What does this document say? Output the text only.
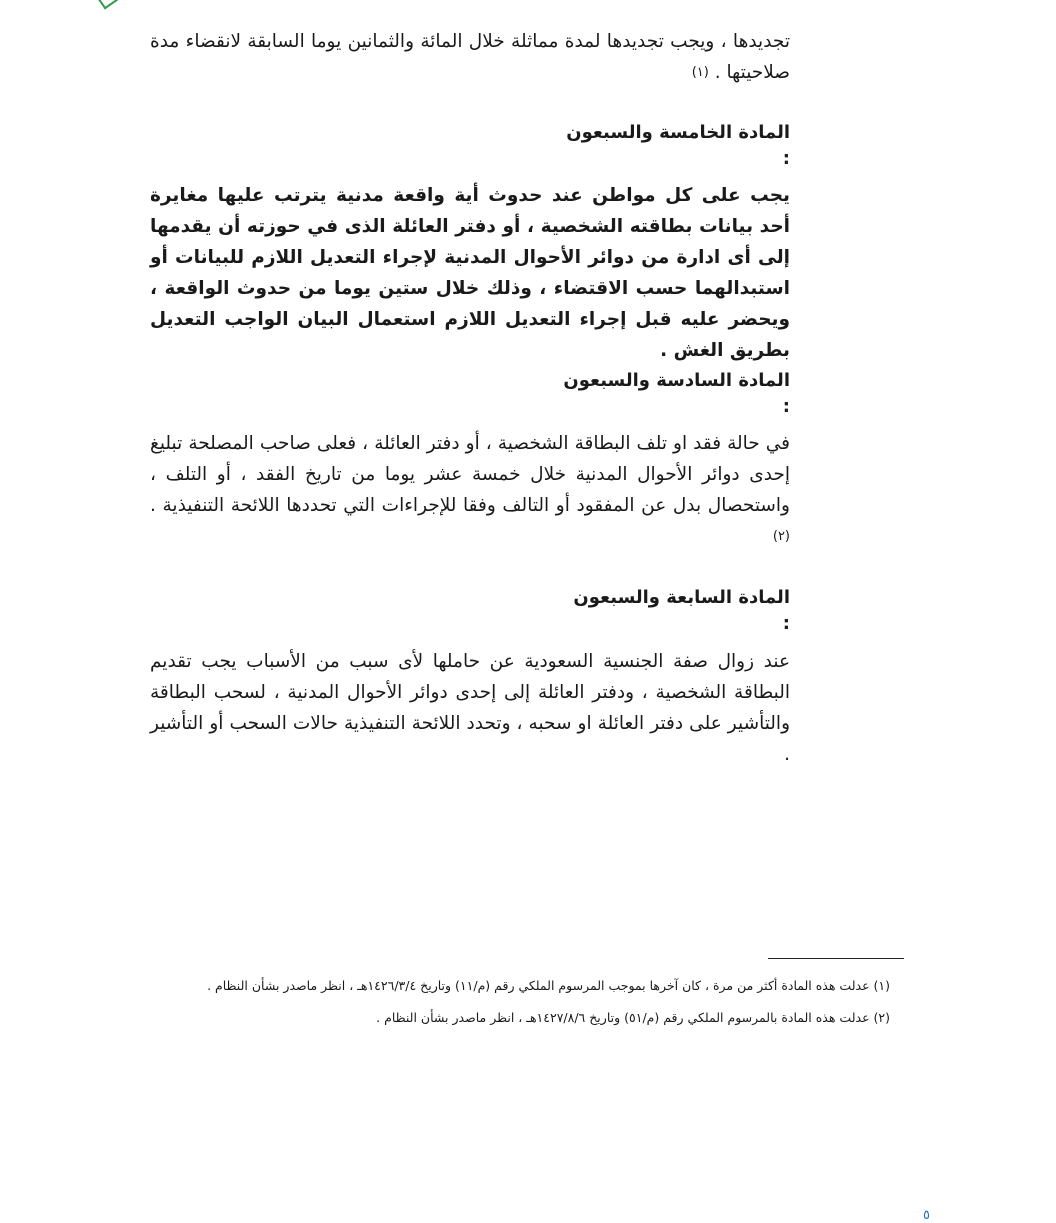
تجديدها ، ويجب تجديدها لمدة مماثلة خلال المائة والثمانين يوما السابقة لانقضاء مدة صلاحيتها . $^{(١)}$
المادة الخامسة والسبعون :
يجب على كل مواطن عند حدوث أية واقعة مدنية يترتب عليها مغايرة أحد بيانات بطاقته الشخصية ، أو دفتر العائلة الذى في حوزته أن يقدمها إلى أى ادارة من دوائر الأحوال المدنية لإجراء التعديل اللازم للبيانات أو استبدالهما حسب الاقتضاء ، وذلك خلال ستين يوما من حدوث الواقعة ، ويحضر عليه قبل إجراء التعديل اللازم استعمال البيان الواجب التعديل بطريق الغش .
المادة السادسة والسبعون :
في حالة فقد او تلف البطاقة الشخصية ، أو دفتر العائلة ، فعلى صاحب المصلحة تبليغ إحدى دوائر الأحوال المدنية خلال خمسة عشر يوما من تاريخ الفقد ، أو التلف ، واستحصال بدل عن المفقود أو التالف وفقا للإجراءات التي تحددها اللائحة التنفيذية . $^{(٢)}$
المادة السابعة والسبعون :
عند زوال صفة الجنسية السعودية عن حاملها لأى سبب من الأسباب يجب تقديم البطاقة الشخصية ، ودفتر العائلة إلى إحدى دوائر الأحوال المدنية ، لسحب البطاقة والتأشير على دفتر العائلة او سحبه ، وتحدد اللائحة التنفيذية حالات السحب أو التأشير .
(١) عدلت هذه المادة أكثر من مرة ، كان آخرها بموجب المرسوم الملكي رقم (م/١١) وتاريخ ١٤٢٦/٣/٤هـ ، انظر ماصدر بشأن النظام .
(٢) عدلت هذه المادة بالمرسوم الملكي رقم (م/٥١) وتاريخ ١٤٢٧/٨/٦هـ ، انظر ماصدر بشأن النظام .
٥
